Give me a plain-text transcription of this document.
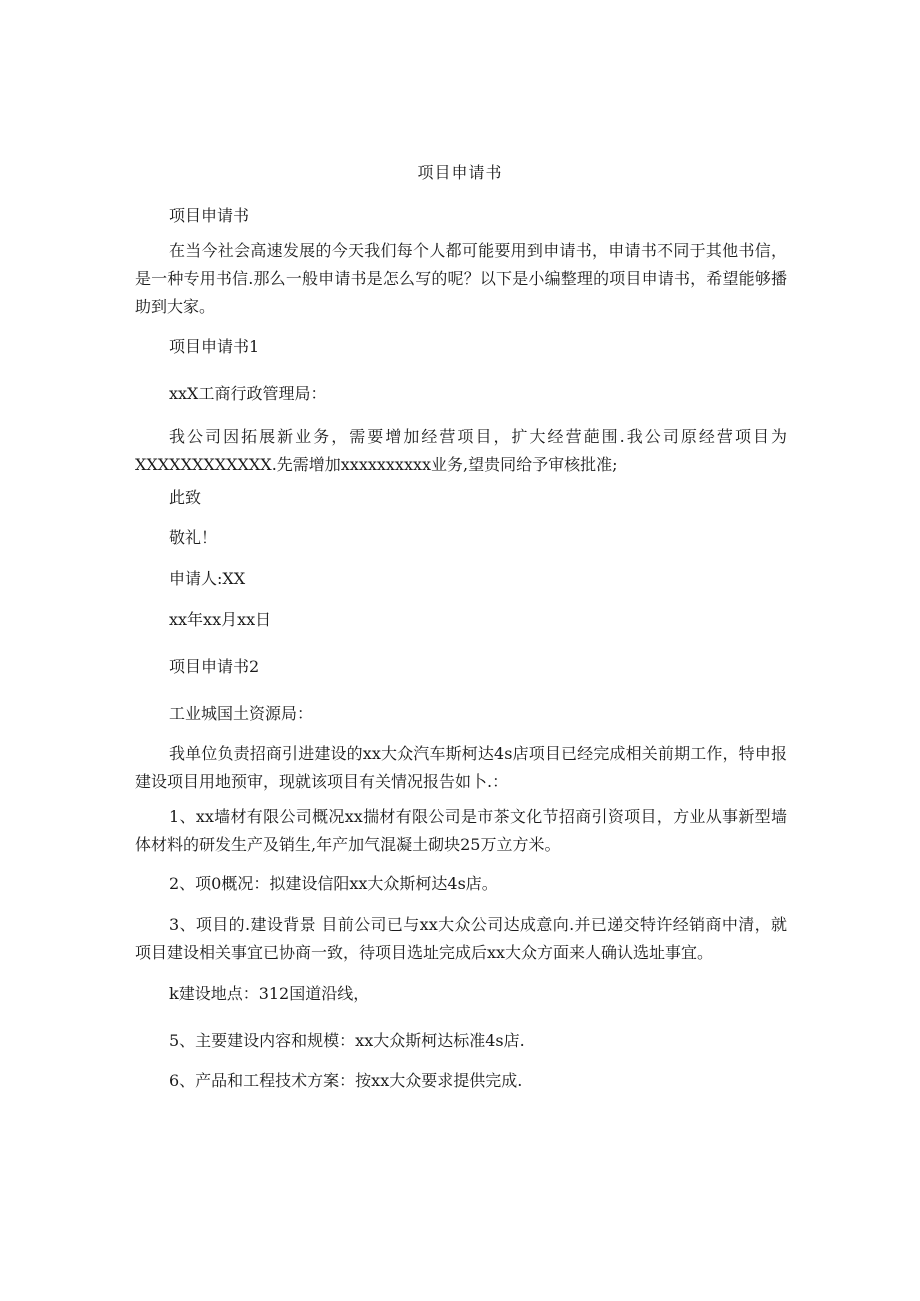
项目申请书
项目申请书

在当今社会高速发展的今天我们每个人都可能要用到申请书，申请书不同于其他书信，是一种专用书信.那么一般申请书是怎么写的呢？以下是小编整理的项目申请书，希望能够播助到大家。

项目申请书1
xxX工商行政管理局：

我公司因拓展新业务，需要增加经营项目，扩大经营葩围.我公司原经营项目为XXXXXXXXXXXX.先需增加xxxxxxxxxx业务,望贵同给予审核批准;

此致
敬礼！
申请人:XX
xx年xx月xx日
项目申请书2
工业城国土资源局：

我单位负责招商引进建设的xx大众汽车斯柯达4s店项目已经完成相关前期工作，特申报建设项目用地预审，现就该项目有关情况报告如卜.：

1、xx墙材有限公司概况xx揣材有限公司是市茶文化节招商引资项目，方业从事新型墙体材料的研发生产及销生,年产加气混凝土砌块25万立方米。

2、项0概况：拟建设信阳xx大众斯柯达4s店。

3、项目的.建设背景 目前公司已与xx大众公司达成意向.并已递交特许经销商中清，就项目建设相关事宜已协商一致，待项目选址完成后xx大众方面来人确认选址事宜。

k建设地点：312国道沿线，
5、主要建设内容和规模：xx大众斯柯达标准4s店.
6、产品和工程技术方案：按xx大众要求提供完成.
